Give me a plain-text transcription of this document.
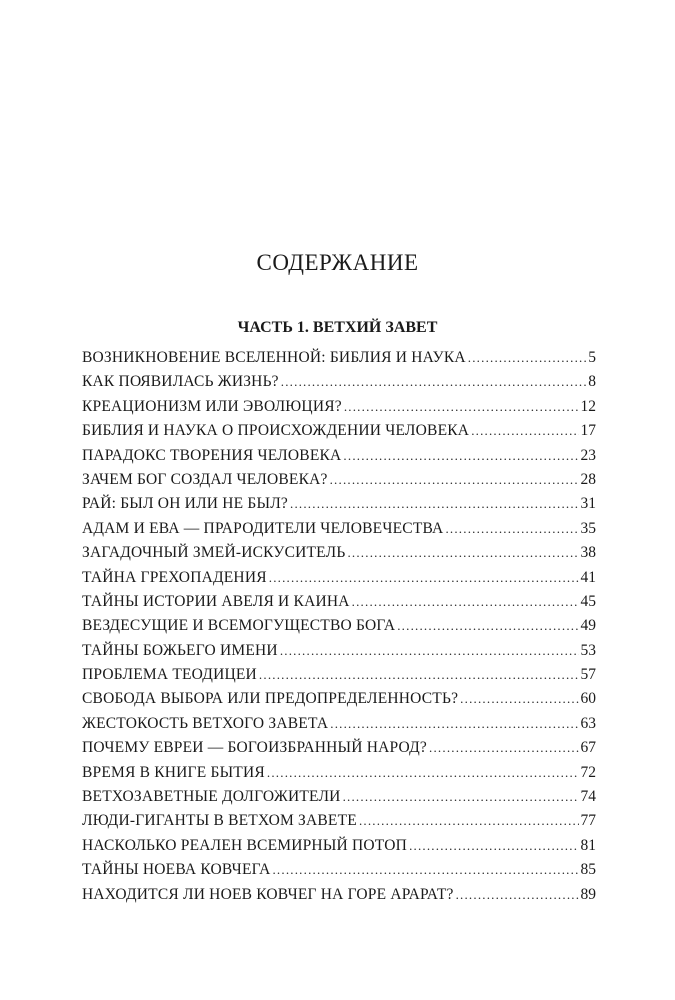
СОДЕРЖАНИЕ
ЧАСТЬ 1. ВЕТХИЙ ЗАВЕТ
ВОЗНИКНОВЕНИЕ ВСЕЛЕННОЙ: БИБЛИЯ И НАУКА .....	5
КАК ПОЯВИЛАСЬ ЖИЗНЬ? .....	8
КРЕАЦИОНИЗМ ИЛИ ЭВОЛЮЦИЯ? .....	12
БИБЛИЯ И НАУКА О ПРОИСХОЖДЕНИИ ЧЕЛОВЕКА .....	17
ПАРАДОКС ТВОРЕНИЯ ЧЕЛОВЕКА .....	23
ЗАЧЕМ БОГ СОЗДАЛ ЧЕЛОВЕКА? .....	28
РАЙ: БЫЛ ОН ИЛИ НЕ БЫЛ? .....	31
АДАМ И ЕВА — ПРАРОДИТЕЛИ ЧЕЛОВЕЧЕСТВА .....	35
ЗАГАДОЧНЫЙ ЗМЕЙ-ИСКУСИТЕЛЬ .....	38
ТАЙНА ГРЕХОПАДЕНИЯ .....	41
ТАЙНЫ ИСТОРИИ АВЕЛЯ И КАИНА .....	45
ВЕЗДЕСУЩИЕ И ВСЕМОГУЩЕСТВО БОГА .....	49
ТАЙНЫ БОЖЬЕГО ИМЕНИ .....	53
ПРОБЛЕМА ТЕОДИЦЕИ .....	57
СВОБОДА ВЫБОРА ИЛИ ПРЕДОПРЕДЕЛЕННОСТЬ? .....	60
ЖЕСТОКОСТЬ ВЕТХОГО ЗАВЕТА .....	63
ПОЧЕМУ ЕВРЕИ — БОГОИЗБРАННЫЙ НАРОД? .....	67
ВРЕМЯ В КНИГЕ БЫТИЯ .....	72
ВЕТХОЗАВЕТНЫЕ ДОЛГОЖИТЕЛИ .....	74
ЛЮДИ-ГИГАНТЫ В ВЕТХОМ ЗАВЕТЕ .....	77
НАСКОЛЬКО РЕАЛЕН ВСЕМИРНЫЙ ПОТОП .....	81
ТАЙНЫ НОЕВА КОВЧЕГА .....	85
НАХОДИТСЯ ЛИ НОЕВ КОВЧЕГ НА ГОРЕ АРАРАТ? .....	89
